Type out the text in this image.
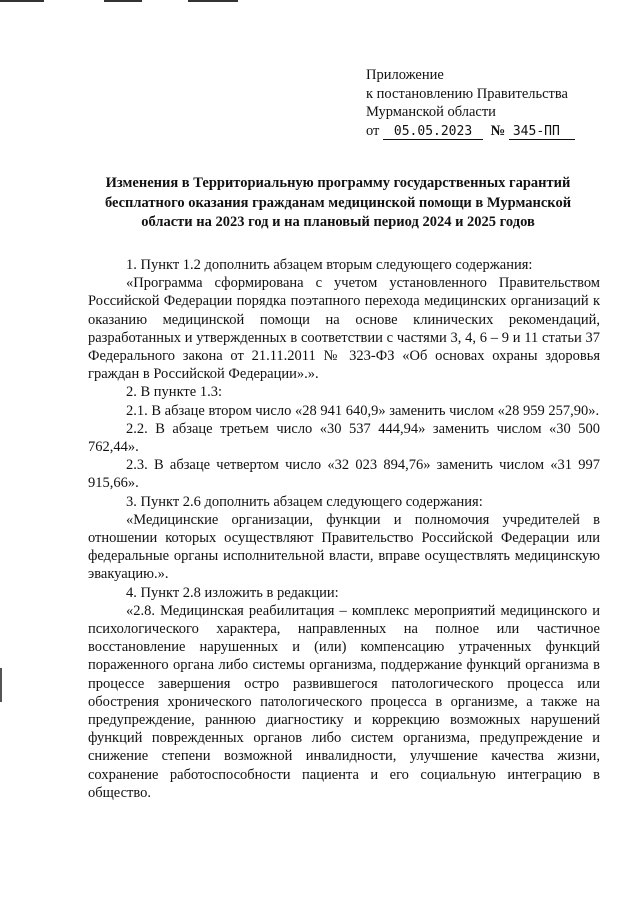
Приложение
к постановлению Правительства
Мурманской области
от 05.05.2023 № 345-ПП
Изменения в Территориальную программу государственных гарантий бесплатного оказания гражданам медицинской помощи в Мурманской области на 2023 год и на плановый период 2024 и 2025 годов

1. Пункт 1.2 дополнить абзацем вторым следующего содержания:

«Программа сформирована с учетом установленного Правительством Российской Федерации порядка поэтапного перехода медицинских организаций к оказанию медицинской помощи на основе клинических рекомендаций, разработанных и утвержденных в соответствии с частями 3, 4, 6 – 9 и 11 статьи 37 Федерального закона от 21.11.2011 № 323-ФЗ «Об основах охраны здоровья граждан в Российской Федерации».».

2. В пункте 1.3:

2.1. В абзаце втором число «28 941 640,9» заменить числом «28 959 257,90».

2.2. В абзаце третьем число «30 537 444,94» заменить числом «30 500 762,44».

2.3. В абзаце четвертом число «32 023 894,76» заменить числом «31 997 915,66».

3. Пункт 2.6 дополнить абзацем следующего содержания:

«Медицинские организации, функции и полномочия учредителей в отношении которых осуществляют Правительство Российской Федерации или федеральные органы исполнительной власти, вправе осуществлять медицинскую эвакуацию.».

4. Пункт 2.8 изложить в редакции:

«2.8. Медицинская реабилитация – комплекс мероприятий медицинского и психологического характера, направленных на полное или частичное восстановление нарушенных и (или) компенсацию утраченных функций пораженного органа либо системы организма, поддержание функций организма в процессе завершения остро развившегося патологического процесса или обострения хронического патологического процесса в организме, а также на предупреждение, раннюю диагностику и коррекцию возможных нарушений функций поврежденных органов либо систем организма, предупреждение и снижение степени возможной инвалидности, улучшение качества жизни, сохранение работоспособности пациента и его социальную интеграцию в общество.
